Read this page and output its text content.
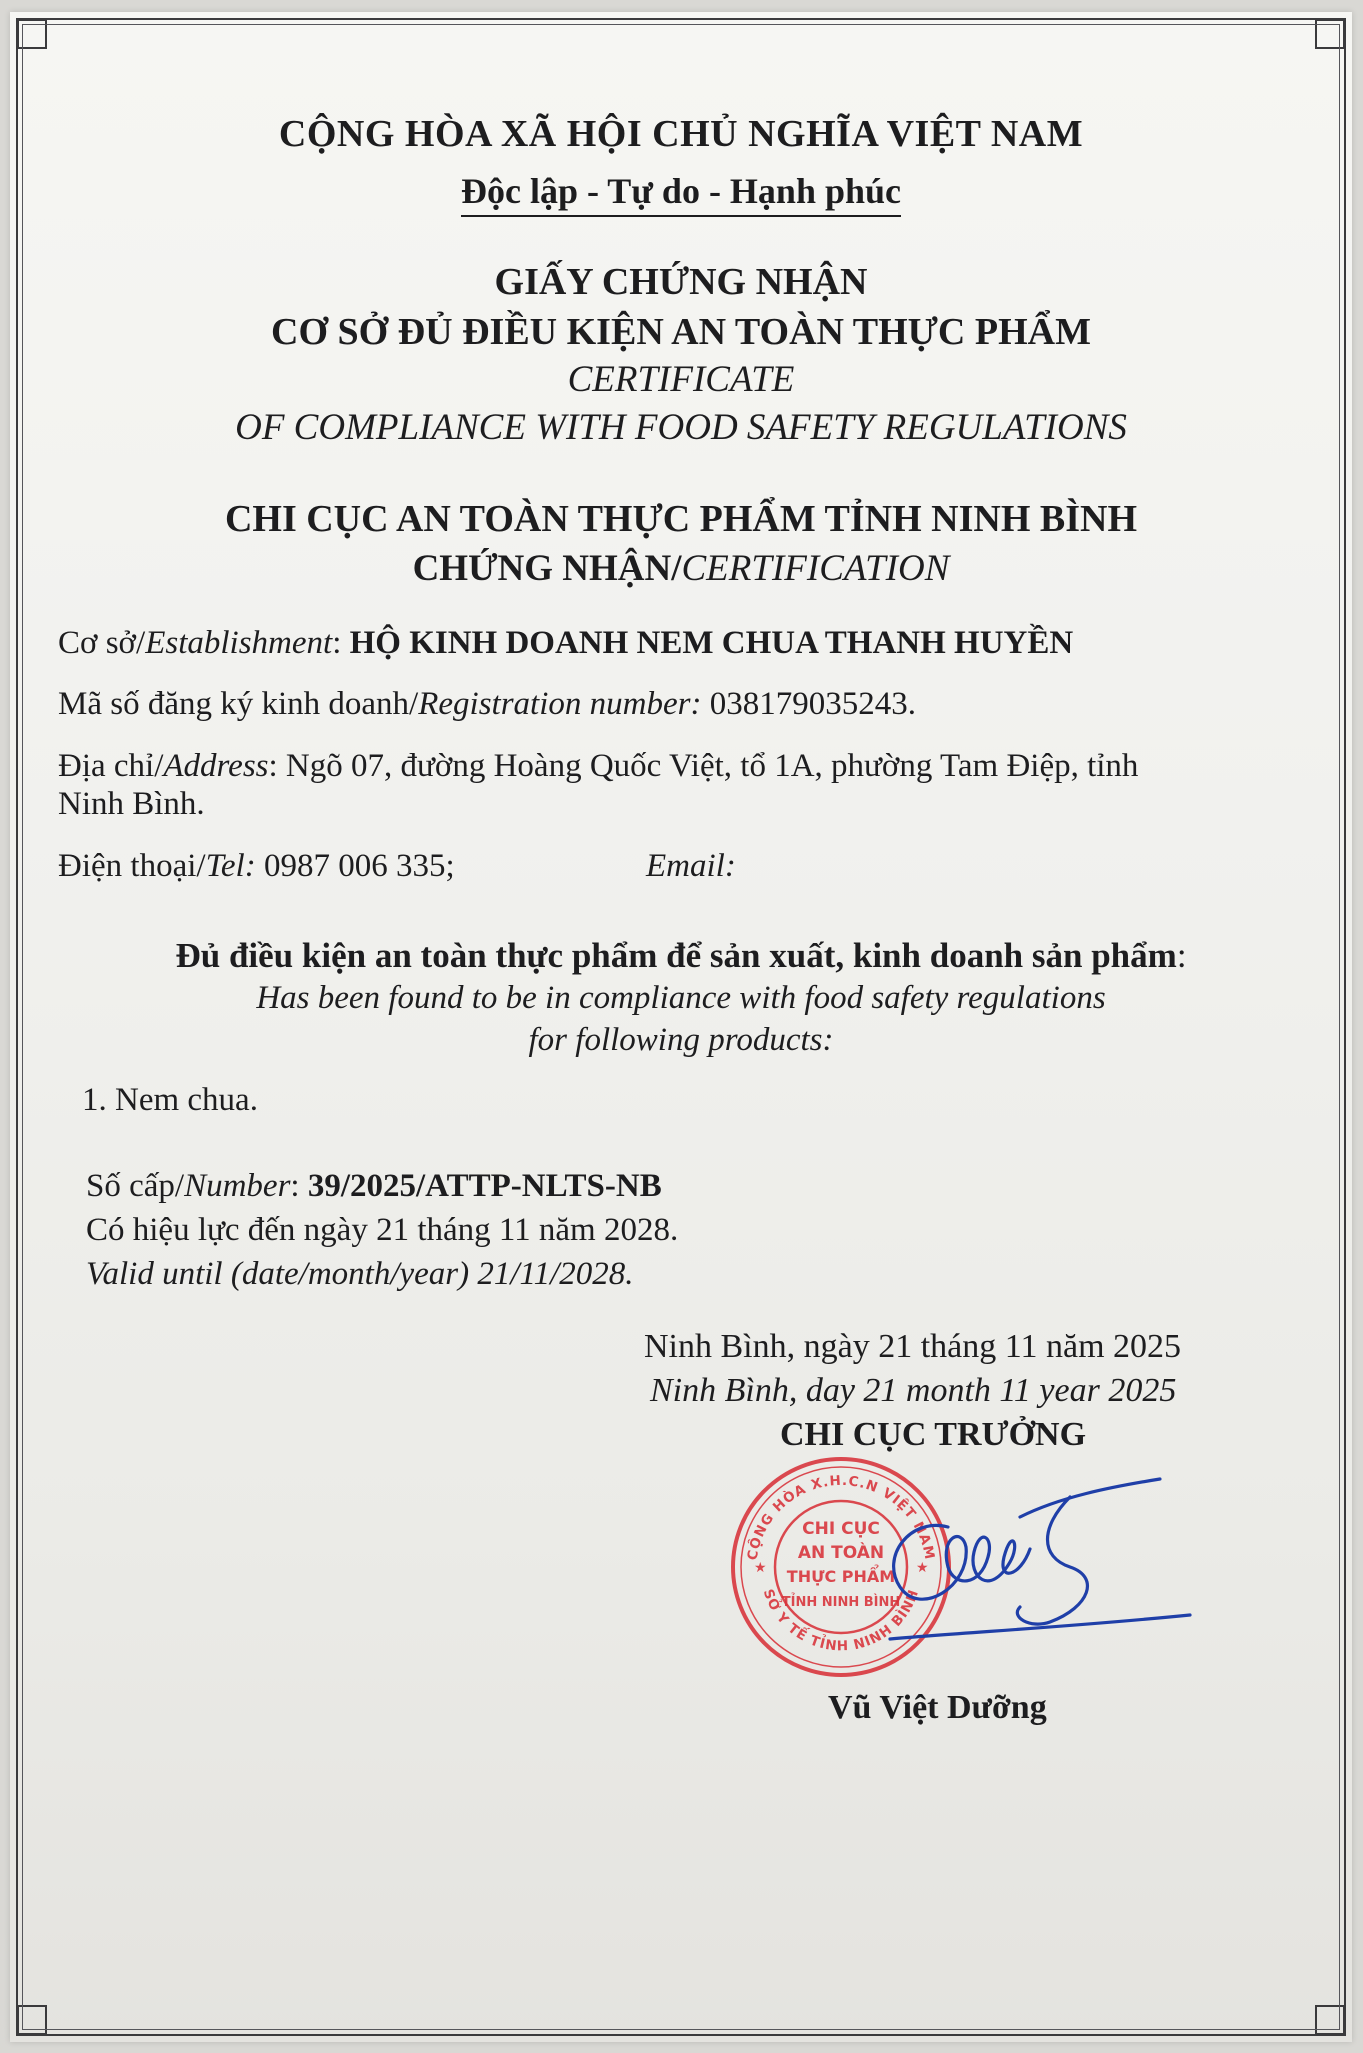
CỘNG HÒA XÃ HỘI CHỦ NGHĨA VIỆT NAM
Độc lập - Tự do - Hạnh phúc
GIẤY CHỨNG NHẬN
CƠ SỞ ĐỦ ĐIỀU KIỆN AN TOÀN THỰC PHẨM
CERTIFICATE
OF COMPLIANCE WITH FOOD SAFETY REGULATIONS
CHI CỤC AN TOÀN THỰC PHẨM TỈNH NINH BÌNH
CHỨNG NHẬN/CERTIFICATION
Cơ sở/Establishment: HỘ KINH DOANH NEM CHUA THANH HUYỀN
Mã số đăng ký kinh doanh/Registration number: 038179035243.
Địa chỉ/Address: Ngõ 07, đường Hoàng Quốc Việt, tổ 1A, phường Tam Điệp, tỉnh
Ninh Bình.
Điện thoại/Tel: 0987 006 335;	Email:
Đủ điều kiện an toàn thực phẩm để sản xuất, kinh doanh sản phẩm:
Has been found to be in compliance with food safety regulations
for following products:
1. Nem chua.
Số cấp/Number: 39/2025/ATTP-NLTS-NB
Có hiệu lực đến ngày 21 tháng 11 năm 2028.
Valid until (date/month/year) 21/11/2028.
Ninh Bình, ngày 21 tháng 11 năm 2025
Ninh Bình, day 21 month 11 year 2025
CHI CỤC TRƯỞNG
CỘNG HÒA X.H.C.N VIỆT NAM
SỞ Y TẾ TỈNH NINH BÌNH
★	★
CHI CỤC
AN TOÀN
THỰC PHẨM
TỈNH NINH BÌNH
Vũ Việt Dưỡng
